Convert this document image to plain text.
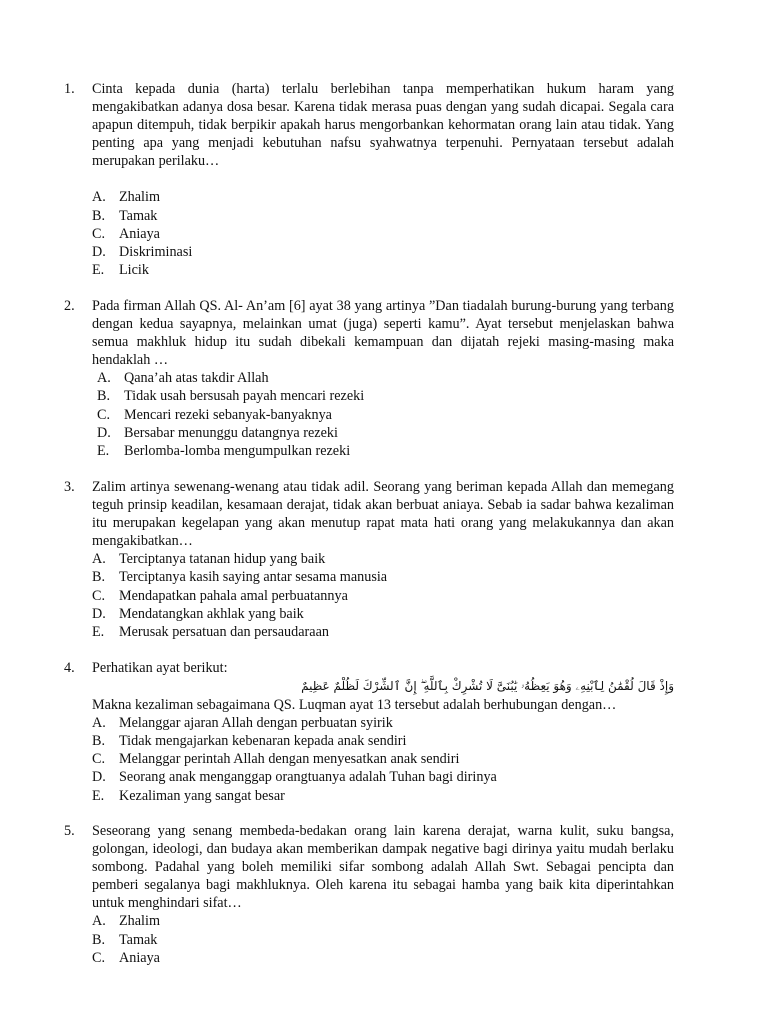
1.	Cinta kepada dunia (harta) terlalu berlebihan tanpa memperhatikan hukum haram yang mengakibatkan adanya dosa besar. Karena tidak merasa puas dengan yang sudah dicapai. Segala cara apapun ditempuh, tidak berpikir apakah harus mengorbankan kehormatan orang lain atau tidak. Yang penting apa yang menjadi kebutuhan nafsu syahwatnya terpenuhi. Pernyataan tersebut adalah merupakan perilaku…
A. Zhalim
B. Tamak
C. Aniaya
D. Diskriminasi
E.	Licik
2.	Pada firman Allah QS. Al- An’am [6] ayat 38 yang artinya ”Dan tiadalah burung-burung yang terbang dengan kedua sayapnya, melainkan umat (juga) seperti kamu”. Ayat tersebut menjelaskan bahwa semua makhluk hidup itu sudah dibekali kemampuan dan dijatah rejeki masing-masing maka hendaklah …
A. Qana’ah atas takdir Allah
B. Tidak usah bersusah payah mencari rezeki
C. Mencari rezeki sebanyak-banyaknya
D. Bersabar menunggu datangnya rezeki
E.	Berlomba-lomba mengumpulkan rezeki
3.	Zalim artinya sewenang-wenang atau tidak adil. Seorang yang beriman kepada Allah dan memegang teguh prinsip keadilan, kesamaan derajat, tidak akan berbuat aniaya. Sebab ia sadar bahwa kezaliman itu merupakan kegelapan yang akan menutup rapat mata hati orang yang melakukannya dan akan mengakibatkan…
A. Terciptanya tatanan hidup yang baik
B. Terciptanya kasih saying antar sesama manusia
C. Mendapatkan pahala amal perbuatannya
D. Mendatangkan akhlak yang baik
E.	Merusak persatuan dan persaudaraan
4.	Perhatikan ayat berikut:
وَإِذْ قَالَ لُقْمَٰنُ لِٱبْنِهِۦ وَهُوَ يَعِظُهُۥ يَٰبُنَىَّ لَا تُشْرِكْ بِٱللَّهِ ۖ إِنَّ ٱلشِّرْكَ لَظُلْمٌ عَظِيمٌ
Makna kezaliman sebagaimana QS. Luqman ayat 13 tersebut adalah berhubungan dengan…
A. Melanggar ajaran Allah dengan perbuatan syirik
B. Tidak mengajarkan kebenaran kepada anak sendiri
C. Melanggar perintah Allah dengan menyesatkan anak sendiri
D. Seorang anak menganggap orangtuanya adalah Tuhan bagi dirinya
E.	Kezaliman yang sangat besar
5.	Seseorang yang senang membeda-bedakan orang lain karena derajat, warna kulit, suku bangsa, golongan, ideologi, dan budaya akan memberikan dampak negative bagi dirinya yaitu mudah berlaku sombong. Padahal yang boleh memiliki sifar sombong adalah Allah Swt. Sebagai pencipta dan pemberi segalanya bagi makhluknya. Oleh karena itu sebagai hamba yang baik kita diperintahkan untuk menghindari sifat…
A. Zhalim
B. Tamak
C. Aniaya
